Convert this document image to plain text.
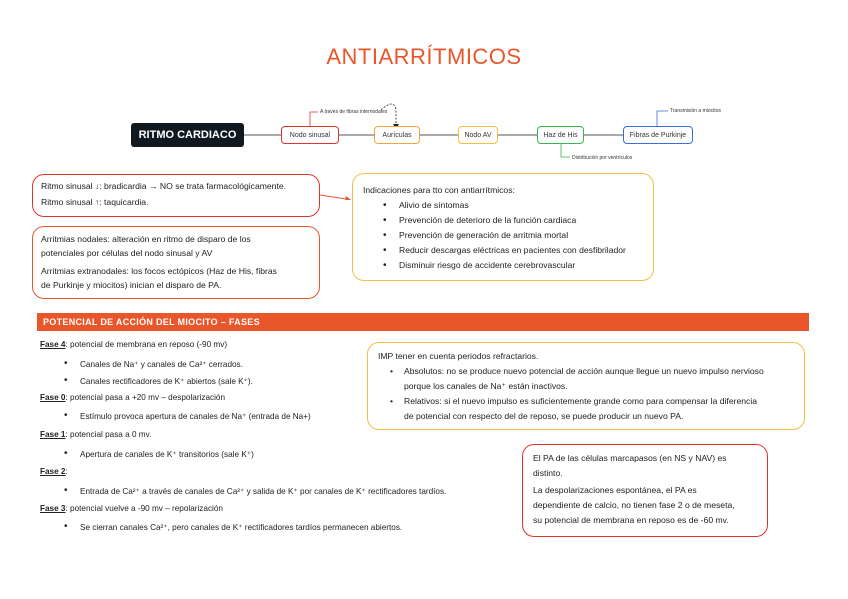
ANTIARRÍTMICOS
RITMO CARDIACO	Nodo sinusal	Aurículas	Nodo AV	Haz de His	Fibras de Purkinje
A través de fibras internodales
Distribución por ventrículos
Transmisión a miocitos
Ritmo sinusal ↓: bradicardia → NO se trata farmacológicamente.
Ritmo sinusal ↑: taquicardia.
Arritmias nodales: alteración en ritmo de disparo de los
potenciales por células del nodo sinusal y AV
Arritmias extranodales: los focos ectópicos (Haz de His, fibras
de Purkinje y miocitos) inician el disparo de PA.
Indicaciones para tto con antiarrítmicos:
• Alivio de síntomas
• Prevención de deterioro de la función cardiaca
• Prevención de generación de arritmia mortal
• Reducir descargas eléctricas en pacientes con desfibrilador
• Disminuir riesgo de accidente cerebrovascular
POTENCIAL DE ACCIÓN DEL MIOCITO – FASES
Fase 4: potencial de membrana en reposo (-90 mv)
• Canales de Na⁺ y canales de Ca²⁺ cerrados.
• Canales rectificadores de K⁺ abiertos (sale K⁺).
Fase 0: potencial pasa a +20 mv – despolarización
• Estímulo provoca apertura de canales de Na⁺ (entrada de Na+)
Fase 1: potencial pasa a 0 mv.
• Apertura de canales de K⁺ transitorios (sale K⁺)
Fase 2:
• Entrada de Ca²⁺ a través de canales de Ca²⁺ y salida de K⁺ por canales de K⁺ rectificadores tardíos.
Fase 3: potencial vuelve a -90 mv – repolarización
• Se cierran canales Ca²⁺, pero canales de K⁺ rectificadores tardíos permanecen abiertos.
IMP tener en cuenta periodos refractarios.
• Absolutos: no se produce nuevo potencial de acción aunque llegue un nuevo impulso nervioso
porque los canales de Na⁺ están inactivos.
• Relativos: si el nuevo impulso es suficientemente grande como para compensar la diferencia
de potencial con respecto del de reposo, se puede producir un nuevo PA.
El PA de las células marcapasos (en NS y NAV) es
distinto.
La despolarizaciones espontánea, el PA es
dependiente de calcio, no tienen fase 2 o de meseta,
su potencial de membrana en reposo es de -60 mv.
